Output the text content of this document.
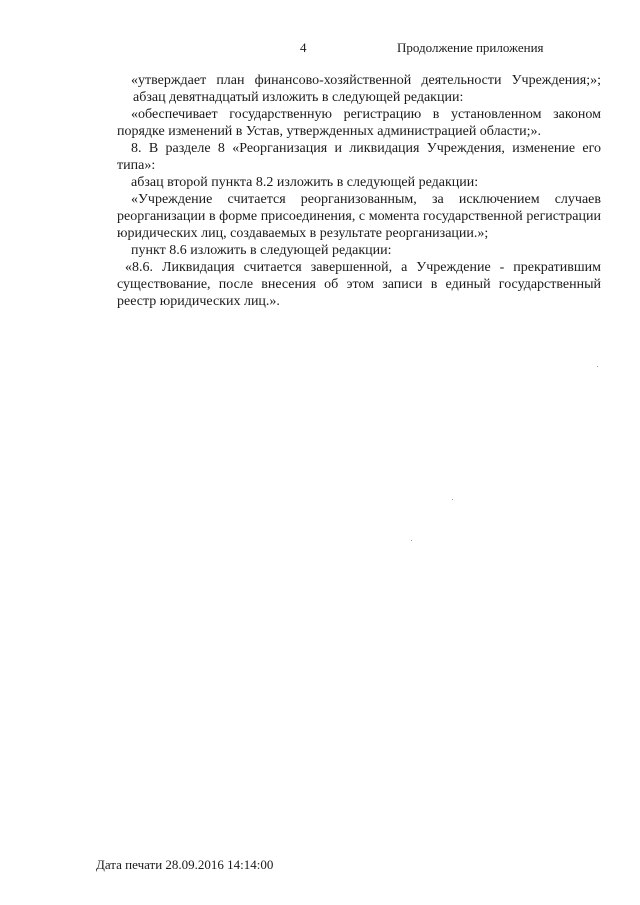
4	Продолжение приложения

«утверждает план финансово-хозяйственной деятельности Учреждения;»;

абзац девятнадцатый изложить в следующей редакции:

«обеспечивает государственную регистрацию в установленном законом порядке изменений в Устав, утвержденных администрацией области;».

8. В разделе 8 «Реорганизация и ликвидация Учреждения, изменение его типа»:

абзац второй пункта 8.2 изложить в следующей редакции:

«Учреждение считается реорганизованным, за исключением случаев реорганизации в форме присоединения, с момента государственной регистрации юридических лиц, создаваемых в результате реорганизации.»;

пункт 8.6 изложить в следующей редакции:

«8.6. Ликвидация считается завершенной, а Учреждение - прекратившим существование, после внесения об этом записи в единый государственный реестр юридических лиц.».

Дата печати 28.09.2016 14:14:00
